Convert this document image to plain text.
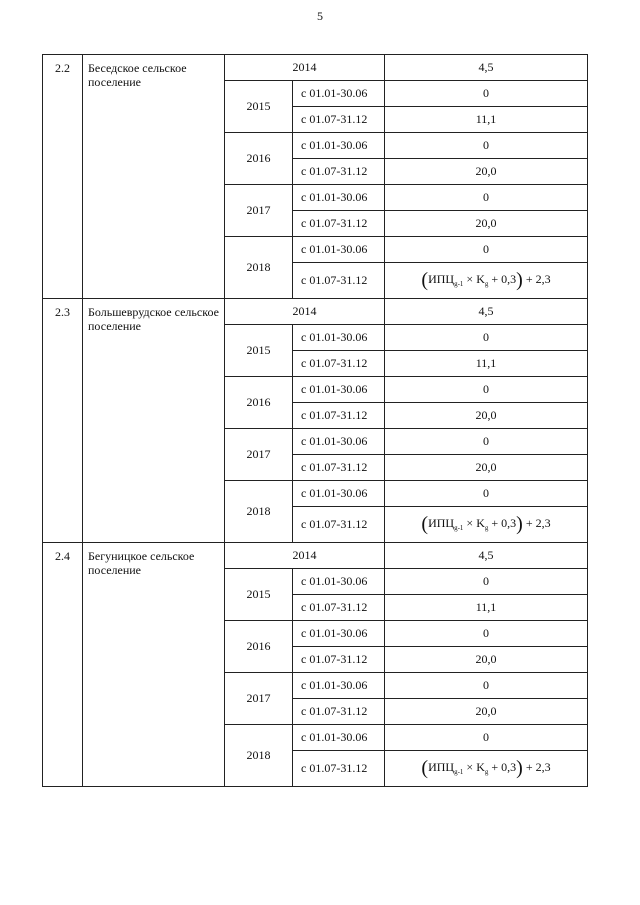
5
2.2	Беседское сельское поселение	2014		4,5
		2015	с 01.01-30.06	0
			с 01.07-31.12	11,1
		2016	с 01.01-30.06	0
			с 01.07-31.12	20,0
		2017	с 01.01-30.06	0
			с 01.07-31.12	20,0
		2018	с 01.01-30.06	0
			с 01.07-31.12	$(ИПЦ_{g-1} \times K_g + 0,3) + 2,3$
2.3	Большеврудское сельское поселение	2014		4,5
		2015	с 01.01-30.06	0
			с 01.07-31.12	11,1
		2016	с 01.01-30.06	0
			с 01.07-31.12	20,0
		2017	с 01.01-30.06	0
			с 01.07-31.12	20,0
		2018	с 01.01-30.06	0
			с 01.07-31.12	$(ИПЦ_{g-1} \times K_g + 0,3) + 2,3$
2.4	Бегуницкое сельское поселение	2014		4,5
		2015	с 01.01-30.06	0
			с 01.07-31.12	11,1
		2016	с 01.01-30.06	0
			с 01.07-31.12	20,0
		2017	с 01.01-30.06	0
			с 01.07-31.12	20,0
		2018	с 01.01-30.06	0
			с 01.07-31.12	$(ИПЦ_{g-1} \times K_g + 0,3) + 2,3$
